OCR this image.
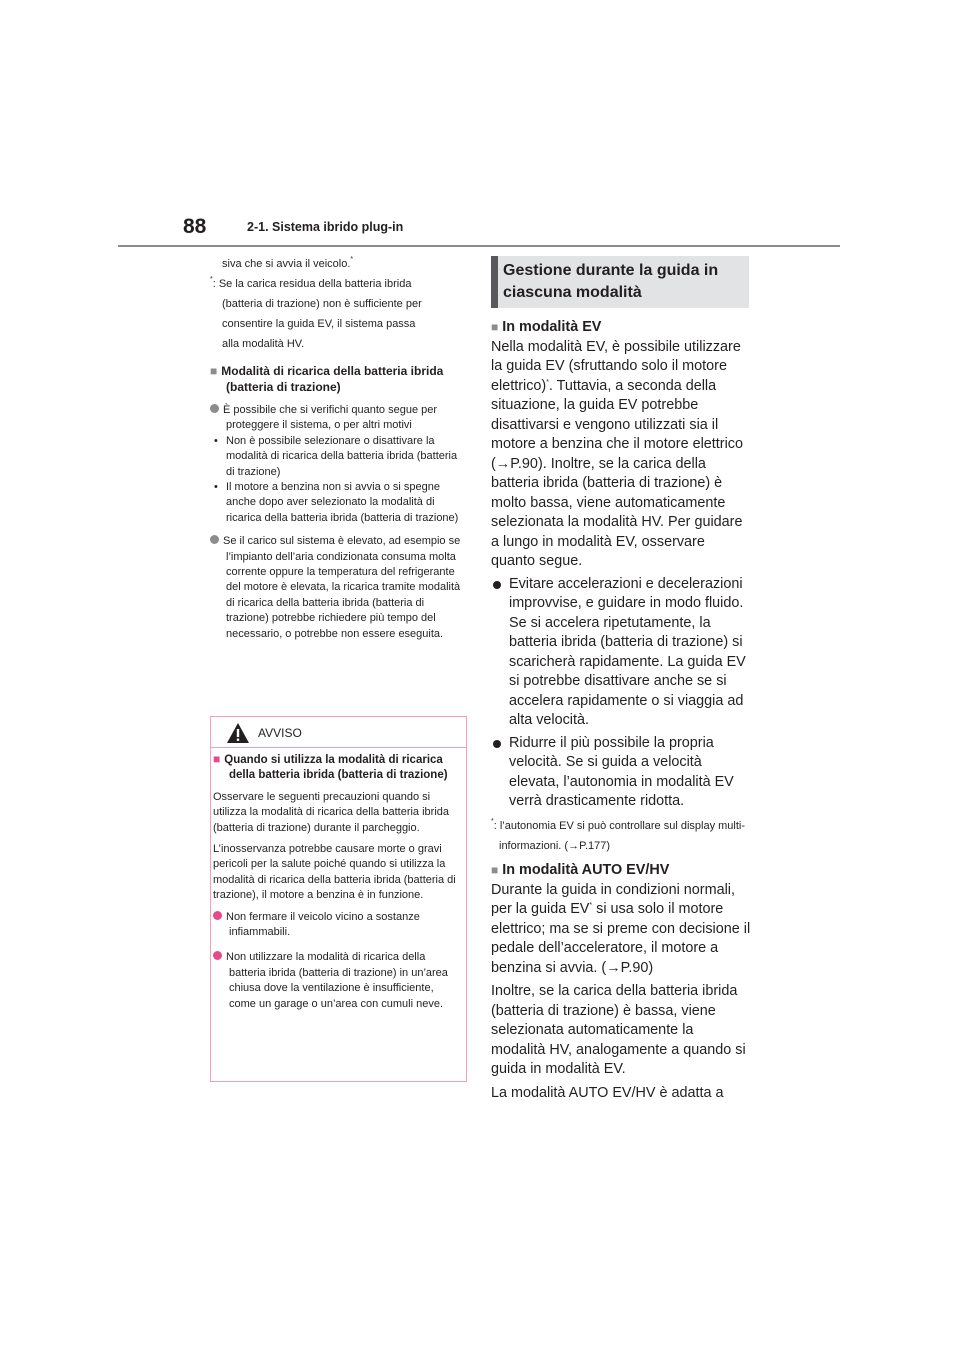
88	2-1. Sistema ibrido plug-in
siva che si avvia il veicolo.*
*: Se la carica residua della batteria ibrida
(batteria di trazione) non è sufficiente per
consentire la guida EV, il sistema passa
alla modalità HV.
■ Modalità di ricarica della batteria ibrida (batteria di trazione)
È possibile che si verifichi quanto segue per proteggere il sistema, o per altri motivi
• Non è possibile selezionare o disattivare la modalità di ricarica della batteria ibrida (batteria di trazione)
• Il motore a benzina non si avvia o si spegne anche dopo aver selezionato la modalità di ricarica della batteria ibrida (batteria di trazione)
Se il carico sul sistema è elevato, ad esempio se l’impianto dell’aria condizionata consuma molta corrente oppure la temperatura del refrigerante del motore è elevata, la ricarica tramite modalità di ricarica della batteria ibrida (batteria di trazione) potrebbe richiedere più tempo del necessario, o potrebbe non essere eseguita.
AVVISO
■ Quando si utilizza la modalità di ricarica della batteria ibrida (batteria di trazione)
Osservare le seguenti precauzioni quando si utilizza la modalità di ricarica della batteria ibrida (batteria di trazione) durante il parcheggio.
L’inosservanza potrebbe causare morte o gravi pericoli per la salute poiché quando si utilizza la modalità di ricarica della batteria ibrida (batteria di trazione), il motore a benzina è in funzione.
Non fermare il veicolo vicino a sostanze infiammabili.
Non utilizzare la modalità di ricarica della batteria ibrida (batteria di trazione) in un’area chiusa dove la ventilazione è insufficiente, come un garage o un’area con cumuli neve.
Gestione durante la guida in ciascuna modalità
■ In modalità EV
Nella modalità EV, è possibile utilizzare la guida EV (sfruttando solo il motore elettrico)*. Tuttavia, a seconda della situazione, la guida EV potrebbe disattivarsi e vengono utilizzati sia il motore a benzina che il motore elettrico (→P.90). Inoltre, se la carica della batteria ibrida (batteria di trazione) è molto bassa, viene automaticamente selezionata la modalità HV. Per guidare a lungo in modalità EV, osservare quanto segue.
Evitare accelerazioni e decelerazioni improvvise, e guidare in modo fluido. Se si accelera ripetutamente, la batteria ibrida (batteria di trazione) si scaricherà rapidamente. La guida EV si potrebbe disattivare anche se si accelera rapidamente o si viaggia ad alta velocità.
Ridurre il più possibile la propria velocità. Se si guida a velocità elevata, l’autonomia in modalità EV verrà drasticamente ridotta.
*: l’autonomia EV si può controllare sul display multi-informazioni. (→P.177)
■ In modalità AUTO EV/HV
Durante la guida in condizioni normali, per la guida EV* si usa solo il motore elettrico; ma se si preme con decisione il pedale dell’acceleratore, il motore a benzina si avvia. (→P.90)
Inoltre, se la carica della batteria ibrida (batteria di trazione) è bassa, viene selezionata automaticamente la modalità HV, analogamente a quando si guida in modalità EV.
La modalità AUTO EV/HV è adatta a
